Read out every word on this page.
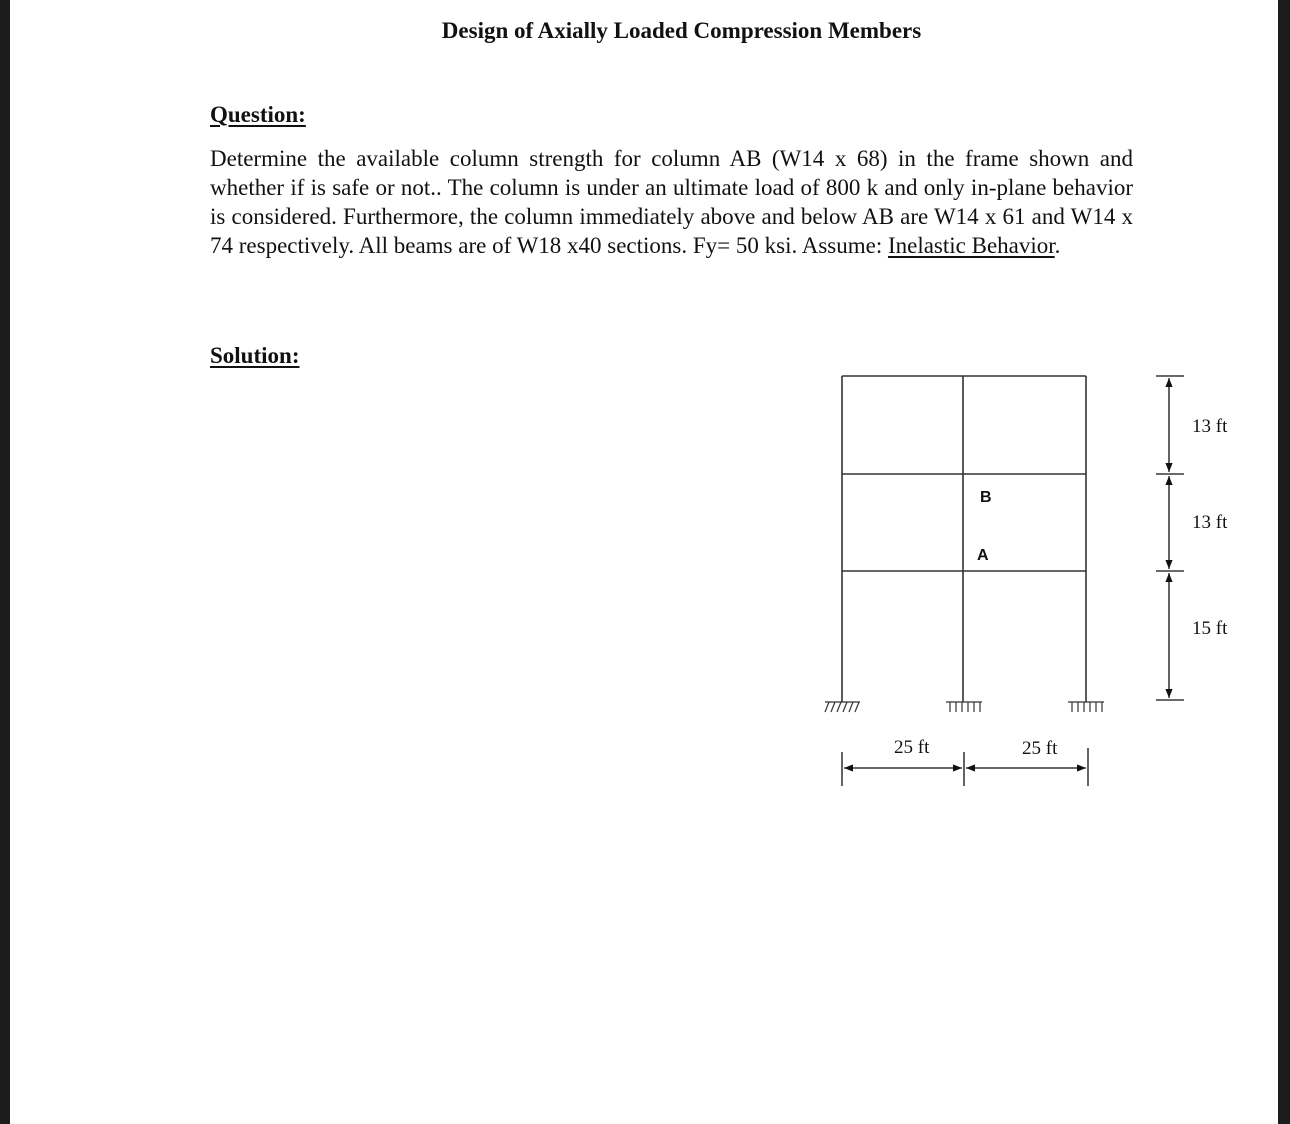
Design of Axially Loaded Compression Members
Question:
Determine the available column strength for column AB (W14 x 68) in the frame shown and whether if is safe or not.. The column is under an ultimate load of 800 k and only in-plane behavior is considered. Furthermore, the column immediately above and below AB are W14 x 61 and W14 x 74 respectively. All beams are of W18 x40 sections. Fy= 50 ksi. Assume: Inelastic Behavior.
Solution:
B
A
13 ft
13 ft
15 ft
25 ft	25 ft
